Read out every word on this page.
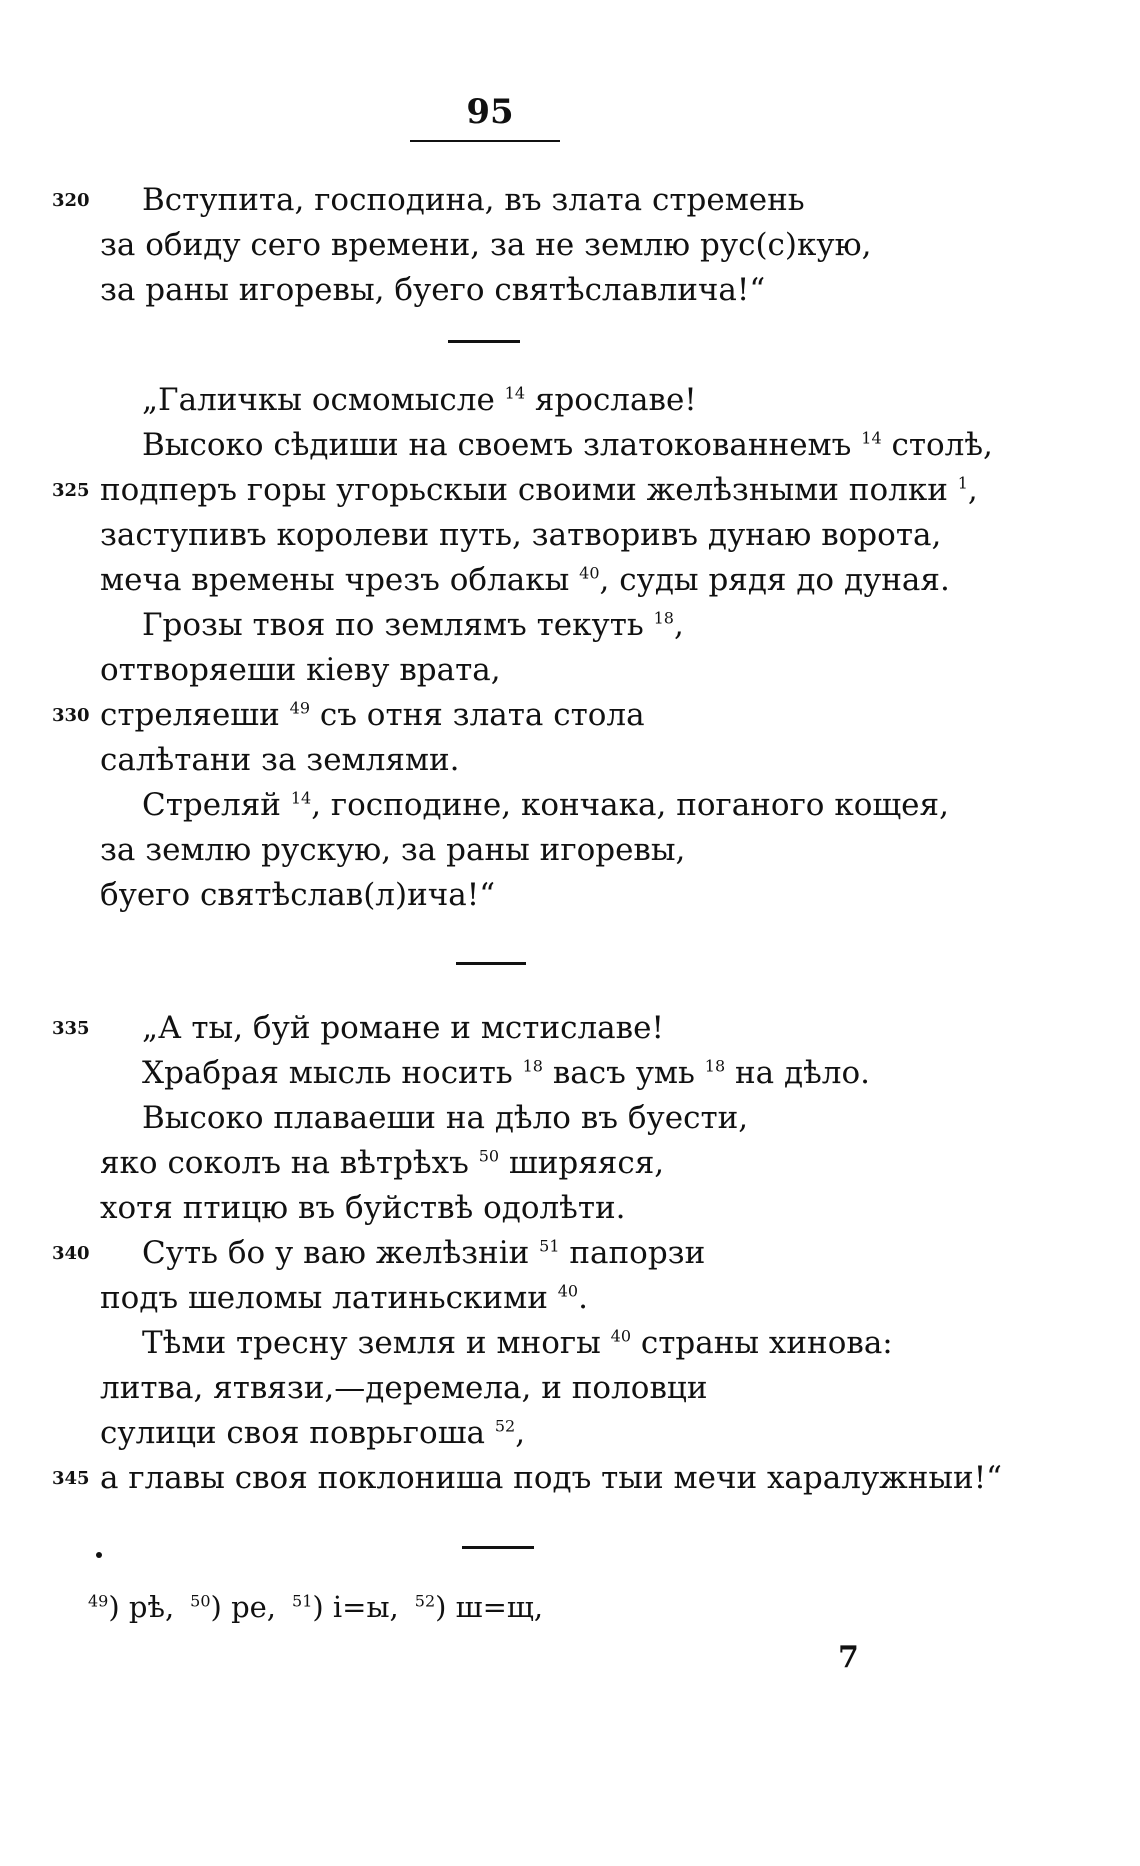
95
320 Вступита, господина, въ злата стремень
за обиду сего времени, за не землю рус(с)кую,
за раны игоревы, буего святѣславлича!“
„Галичкы осмомысле $^{14}$ ярославе!
Высоко сѣдиши на своемъ златокованнемъ $^{14}$ столѣ,
325 подперъ горы угорьскыи своими желѣзными полки $^1$,
заступивъ королеви путь, затворивъ дунаю ворота,
меча времены чрезъ облакы $^{40}$, суды рядя до дуная.
Грозы твоя по землямъ текуть $^{18}$,
оттворяеши кіеву врата,
330 стреляеши $^{49}$ съ отня злата стола
салѣтани за землями.
Стреляй $^{14}$, господине, кончака, поганого кощея,
за землю рускую, за раны игоревы,
буего святѣслав(л)ича!“
335 „А ты, буй романе и мстиславе!
Храбрая мысль носить $^{18}$ васъ умь $^{18}$ на дѣло.
Высоко плаваеши на дѣло въ буести,
яко соколъ на вѣтрѣхъ $^{50}$ ширяяся,
хотя птицю въ буйствѣ одолѣти.
340 Суть бо у ваю желѣзніи $^{51}$ папорзи
подъ шеломы латиньскими $^{40}$.
Тѣми тресну земля и многы $^{40}$ страны хинова:
литва, ятвязи,—деремела, и половци
сулици своя поврьгоша $^{52}$,
345 а главы своя поклониша подъ тыи мечи харалужныи!“
$^{49}$) рѣ, $^{50}$) ре, $^{51}$) і=ы, $^{52}$) ш=щ,
7
